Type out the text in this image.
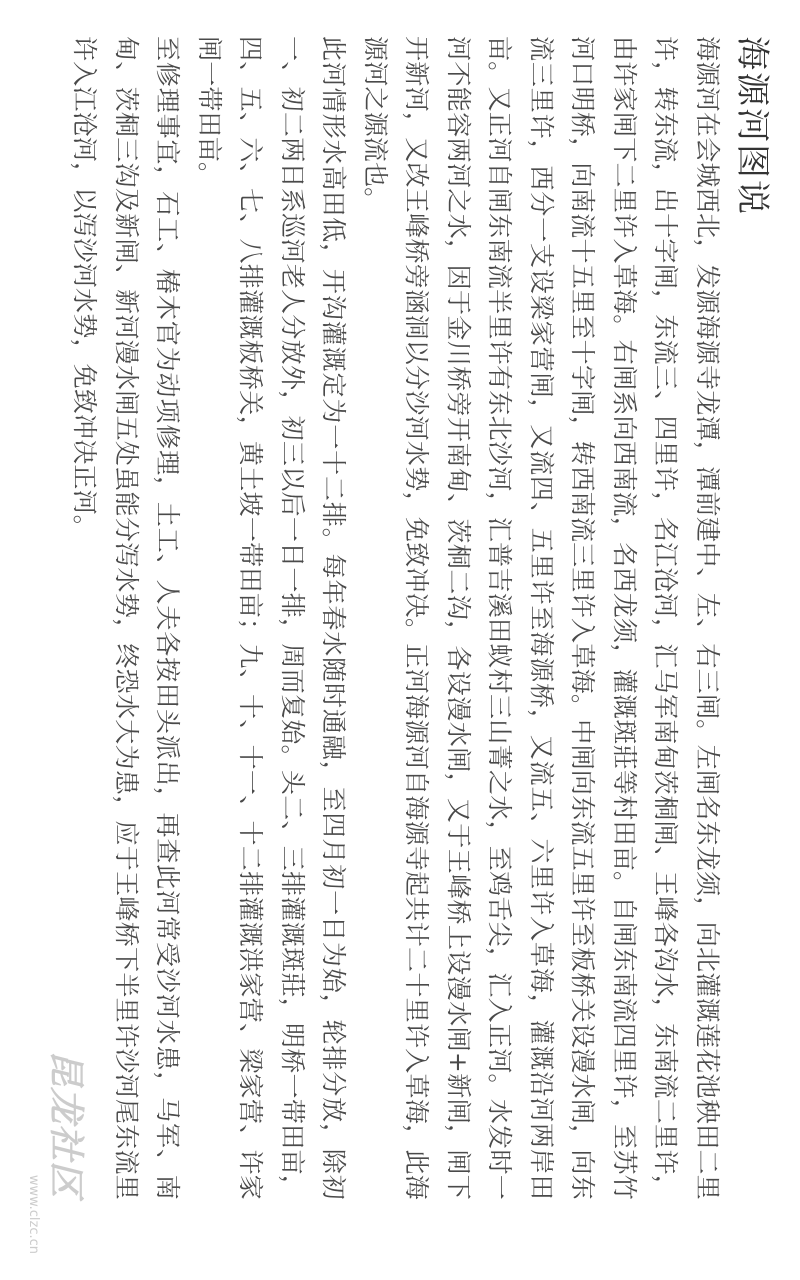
海源河图说

海源河在会城西北，发源海源寺龙潭，潭前建中、左、右三闸。左闸名东龙须，向北灌溉莲花池秧田二里许，转东流，出十字闸，东流三、四里许，名江沧河，汇马军南甸茨桐闸、王峰各沟水，东南流二里许，由许家闸下二里许入草海。右闸系向西南流，名西龙须，灌溉斑莊等村田亩。自闸东南流四里许，至苏竹河口明桥，向南流十五里至十字闸，转西南流三里许入草海。中闸向东流五里许至板桥关设漫水闸，向东流三里许，西分一支设梁家营闸，又流四、五里许至海源桥，又流五、六里许入草海，灌溉沿河两岸田亩。又正河自闸东南流半里许有东北沙河，汇普吉溪田蚁村三山菁之水，至鸡舌尖，汇入正河。水发时一河不能容两河之水，因于金川桥旁开南甸、茨桐二沟，各设漫水闸，又于王峰桥上设漫水闸+新闸，闸下开新河，又改王峰桥旁涵洞以分沙河水势，免致冲决。正河海源河自海源寺起共计二十里许入草海，此海源河之源流也。

此河情形水高田低，开沟灌溉定为一十二排。每年春水随时通融，至四月初一日为始，轮排分放，除初一、初二两日系巡河老人分放外，初三以后一日一排，周而复始。头二、三排灌溉斑莊，明桥一带田亩，四、五、六、七、八排灌溉板桥关，黄土坡一带田亩；九、十、十一、十二排灌溉洪家营、梁家营、许家闸一带田亩。

至修理事宜，石工、椿木官为动项修理，土工、人夫各按田头派出，再查此河常受沙河水患，马军、南甸、茨桐三沟及新闸、新河漫水闸五处虽能分泻水势，终恐水大为患，应于王峰桥下半里许沙河尾东流里许入江沧河，以泻沙河水势，免致冲决正河。

昆龙社区
www.clzc.cn
